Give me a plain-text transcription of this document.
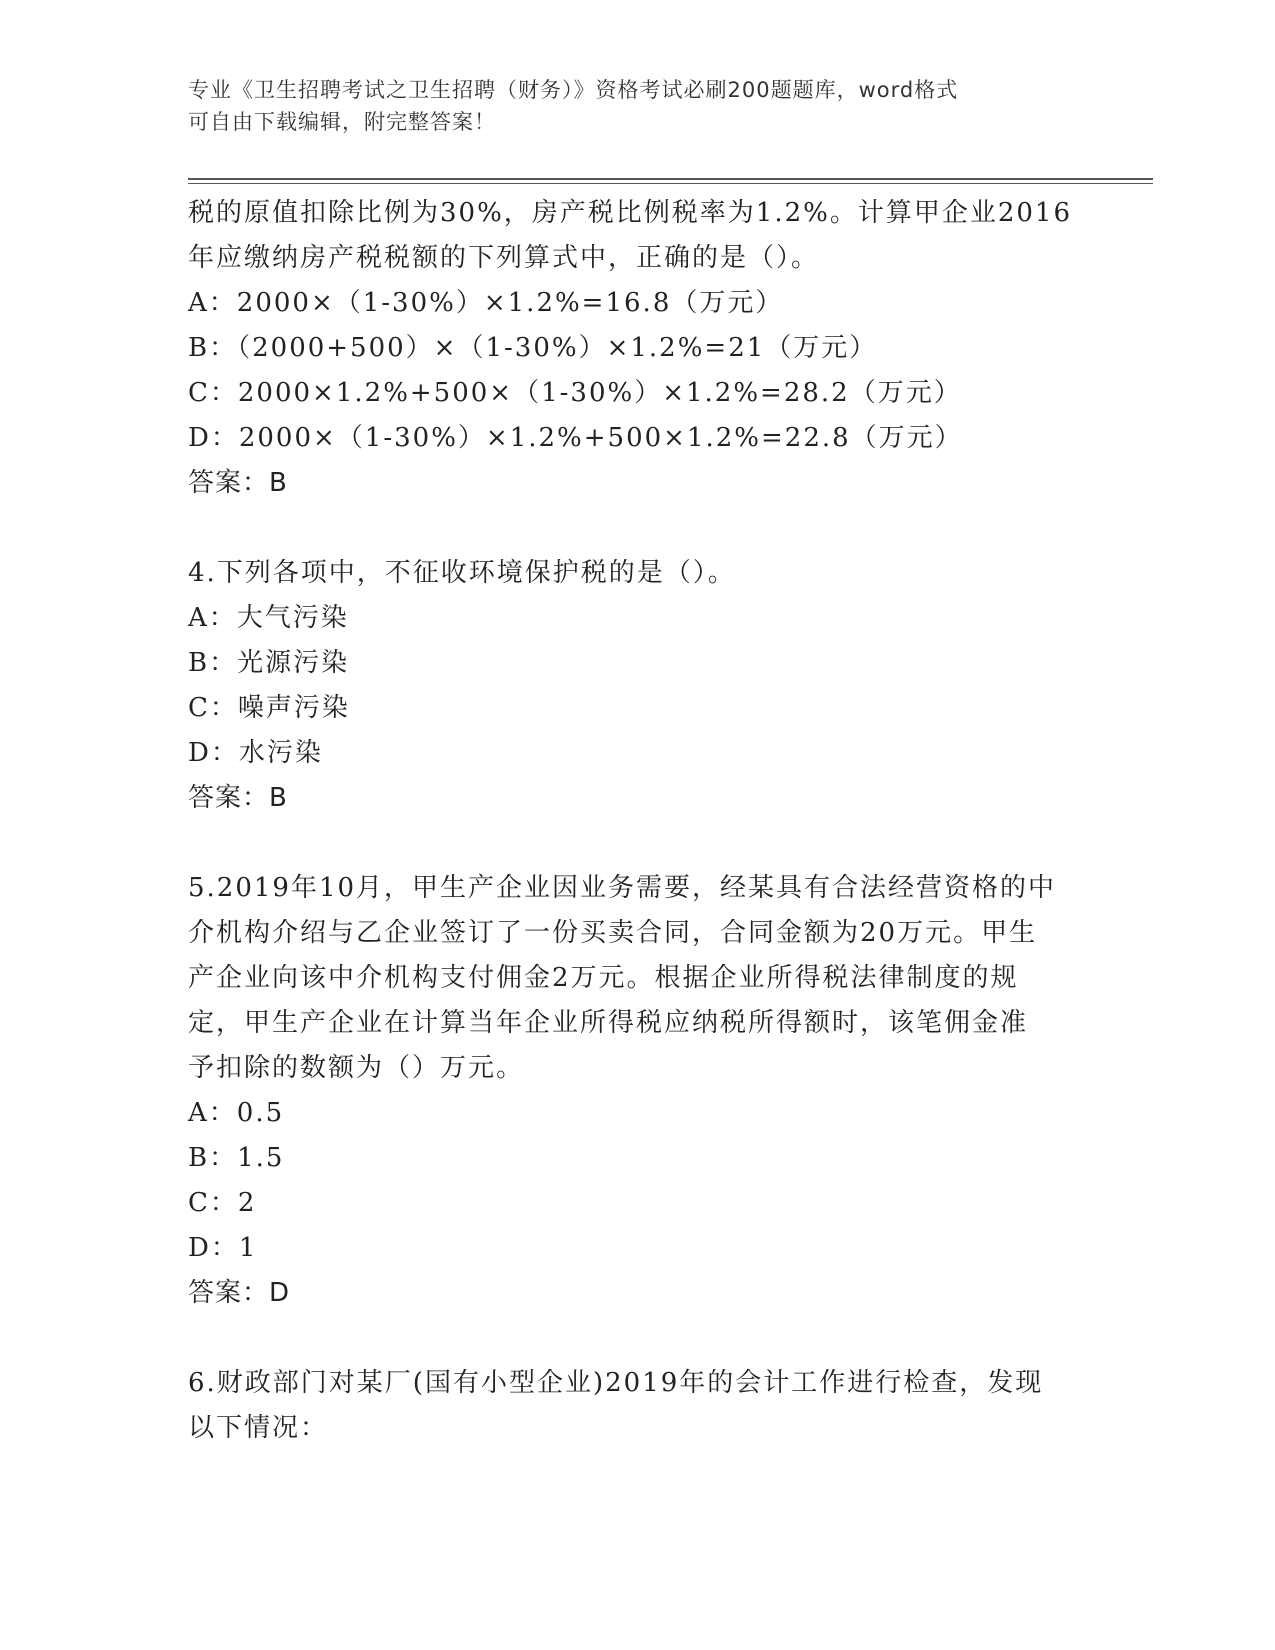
专业《卫生招聘考试之卫生招聘（财务）》资格考试必刷200题题库，word格式
可自由下载编辑，附完整答案！

税的原值扣除比例为30%，房产税比例税率为1.2%。计算甲企业2016

年应缴纳房产税税额的下列算式中，正确的是（）。

A：2000×（1-30%）×1.2%=16.8（万元）

B：（2000+500）×（1-30%）×1.2%=21（万元）

C：2000×1.2%+500×（1-30%）×1.2%=28.2（万元）

D：2000×（1-30%）×1.2%+500×1.2%=22.8（万元）

答案：B

4.下列各项中，不征收环境保护税的是（）。

A：大气污染

B：光源污染

C：噪声污染

D：水污染

答案：B

5.2019年10月，甲生产企业因业务需要，经某具有合法经营资格的中

介机构介绍与乙企业签订了一份买卖合同，合同金额为20万元。甲生

产企业向该中介机构支付佣金2万元。根据企业所得税法律制度的规

定，甲生产企业在计算当年企业所得税应纳税所得额时，该笔佣金准

予扣除的数额为（）万元。

A：0.5

B：1.5

C：2

D：1

答案：D

6.财政部门对某厂(国有小型企业)2019年的会计工作进行检查，发现

以下情况：
